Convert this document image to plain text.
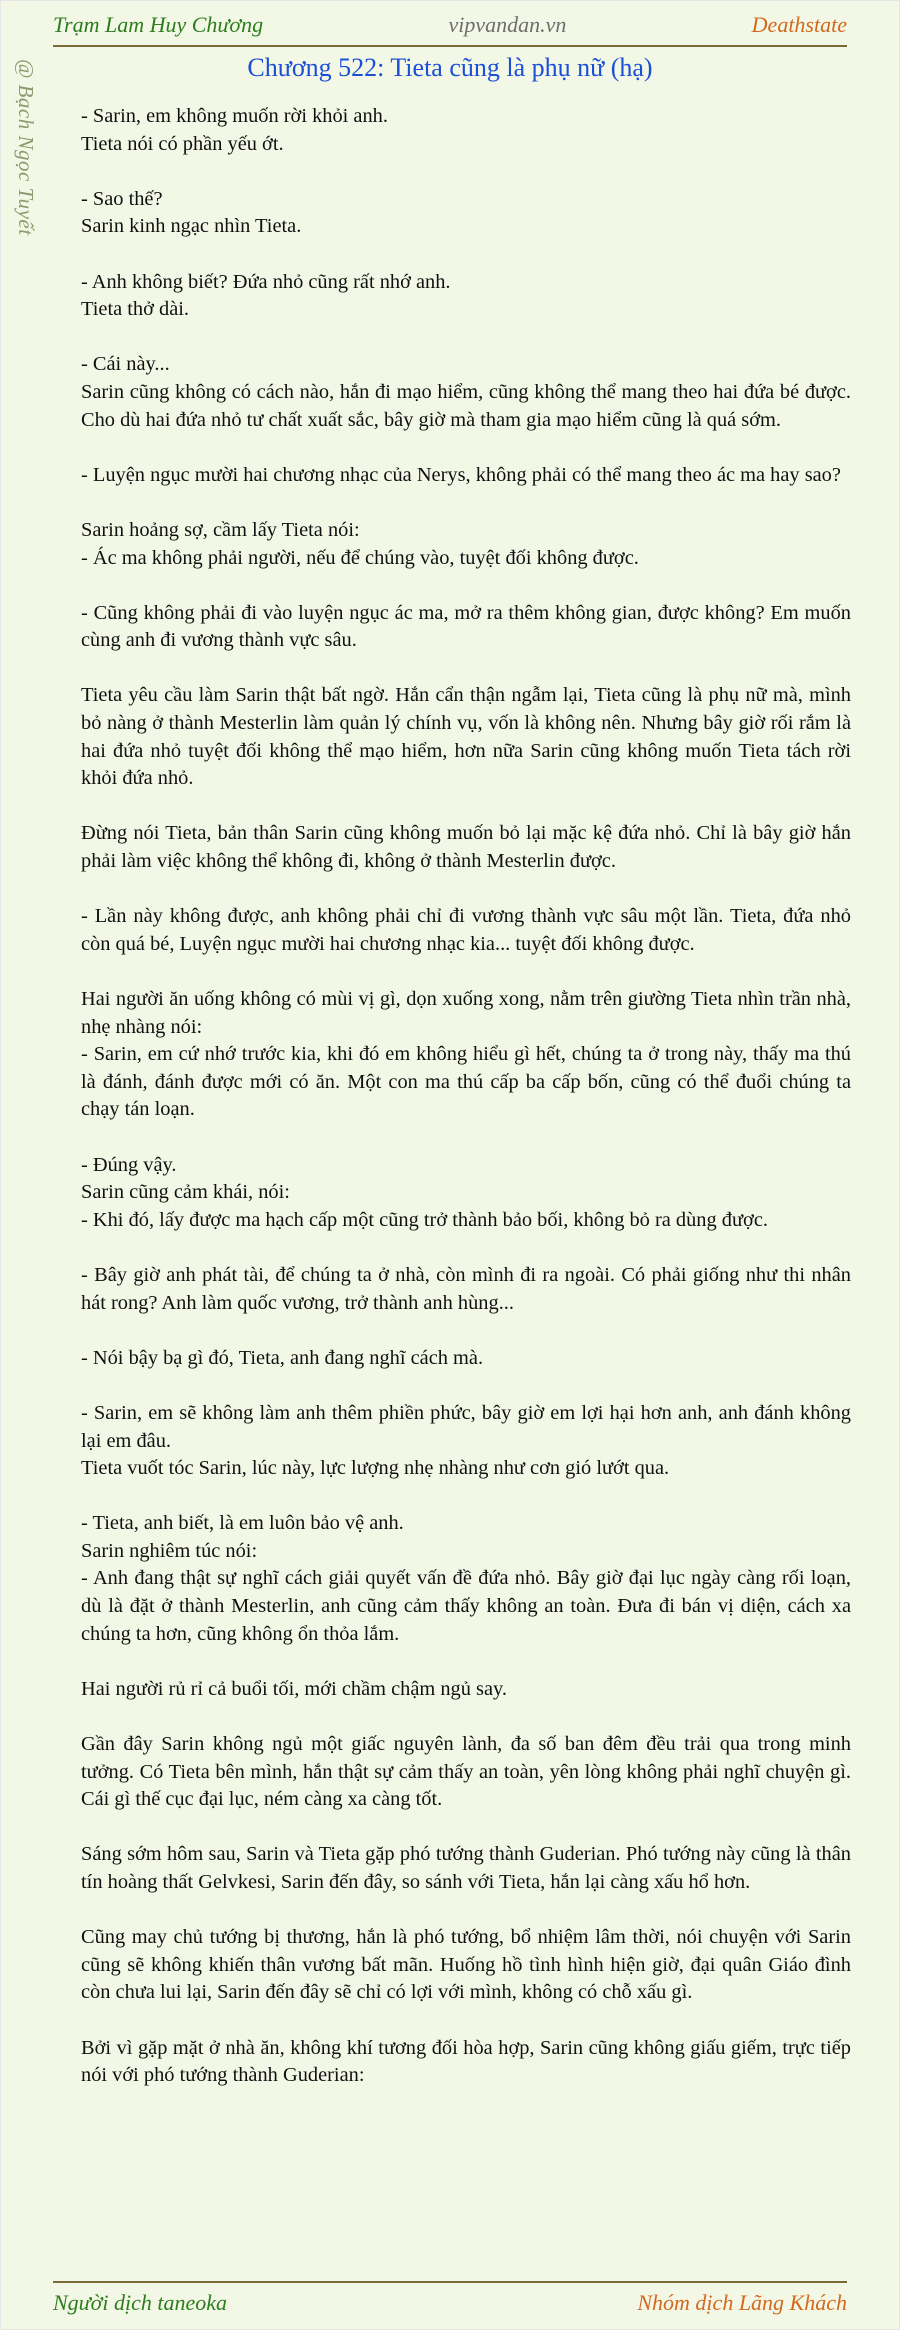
Trạm Lam Huy Chương	vipvandan.vn	Deathstate
@ Bạch Ngọc Tuyết	Chương 522: Tieta cũng là phụ nữ (hạ)

- Sarin, em không muốn rời khỏi anh.
Tieta nói có phần yếu ớt.

- Sao thế?
Sarin kinh ngạc nhìn Tieta.

- Anh không biết? Đứa nhỏ cũng rất nhớ anh.
Tieta thở dài.

- Cái này...
Sarin cũng không có cách nào, hắn đi mạo hiểm, cũng không thể mang theo hai đứa bé được. Cho dù hai đứa nhỏ tư chất xuất sắc, bây giờ mà tham gia mạo hiểm cũng là quá sớm.

- Luyện ngục mười hai chương nhạc của Nerys, không phải có thể mang theo ác ma hay sao?

Sarin hoảng sợ, cầm lấy Tieta nói:
- Ác ma không phải người, nếu để chúng vào, tuyệt đối không được.

- Cũng không phải đi vào luyện ngục ác ma, mở ra thêm không gian, được không? Em muốn cùng anh đi vương thành vực sâu.

Tieta yêu cầu làm Sarin thật bất ngờ. Hắn cẩn thận ngẫm lại, Tieta cũng là phụ nữ mà, mình bỏ nàng ở thành Mesterlin làm quản lý chính vụ, vốn là không nên. Nhưng bây giờ rối rắm là hai đứa nhỏ tuyệt đối không thể mạo hiểm, hơn nữa Sarin cũng không muốn Tieta tách rời khỏi đứa nhỏ.

Đừng nói Tieta, bản thân Sarin cũng không muốn bỏ lại mặc kệ đứa nhỏ. Chỉ là bây giờ hắn phải làm việc không thể không đi, không ở thành Mesterlin được.

- Lần này không được, anh không phải chỉ đi vương thành vực sâu một lần. Tieta, đứa nhỏ còn quá bé, Luyện ngục mười hai chương nhạc kia... tuyệt đối không được.

Hai người ăn uống không có mùi vị gì, dọn xuống xong, nằm trên giường Tieta nhìn trần nhà, nhẹ nhàng nói:
- Sarin, em cứ nhớ trước kia, khi đó em không hiểu gì hết, chúng ta ở trong này, thấy ma thú là đánh, đánh được mới có ăn. Một con ma thú cấp ba cấp bốn, cũng có thể đuổi chúng ta chạy tán loạn.

- Đúng vậy.
Sarin cũng cảm khái, nói:
- Khi đó, lấy được ma hạch cấp một cũng trở thành bảo bối, không bỏ ra dùng được.

- Bây giờ anh phát tài, để chúng ta ở nhà, còn mình đi ra ngoài. Có phải giống như thi nhân hát rong? Anh làm quốc vương, trở thành anh hùng...

- Nói bậy bạ gì đó, Tieta, anh đang nghĩ cách mà.

- Sarin, em sẽ không làm anh thêm phiền phức, bây giờ em lợi hại hơn anh, anh đánh không lại em đâu.
Tieta vuốt tóc Sarin, lúc này, lực lượng nhẹ nhàng như cơn gió lướt qua.

- Tieta, anh biết, là em luôn bảo vệ anh.
Sarin nghiêm túc nói:
- Anh đang thật sự nghĩ cách giải quyết vấn đề đứa nhỏ. Bây giờ đại lục ngày càng rối loạn, dù là đặt ở thành Mesterlin, anh cũng cảm thấy không an toàn. Đưa đi bán vị diện, cách xa chúng ta hơn, cũng không ổn thỏa lắm.

Hai người rủ rỉ cả buổi tối, mới chầm chậm ngủ say.

Gần đây Sarin không ngủ một giấc nguyên lành, đa số ban đêm đều trải qua trong minh tưởng. Có Tieta bên mình, hắn thật sự cảm thấy an toàn, yên lòng không phải nghĩ chuyện gì. Cái gì thế cục đại lục, ném càng xa càng tốt.

Sáng sớm hôm sau, Sarin và Tieta gặp phó tướng thành Guderian. Phó tướng này cũng là thân tín hoàng thất Gelvkesi, Sarin đến đây, so sánh với Tieta, hắn lại càng xấu hổ hơn.

Cũng may chủ tướng bị thương, hắn là phó tướng, bổ nhiệm lâm thời, nói chuyện với Sarin cũng sẽ không khiến thân vương bất mãn. Huống hồ tình hình hiện giờ, đại quân Giáo đình còn chưa lui lại, Sarin đến đây sẽ chỉ có lợi với mình, không có chỗ xấu gì.

Bởi vì gặp mặt ở nhà ăn, không khí tương đối hòa hợp, Sarin cũng không giấu giếm, trực tiếp nói với phó tướng thành Guderian:

Người dịch taneoka	Nhóm dịch Lãng Khách
